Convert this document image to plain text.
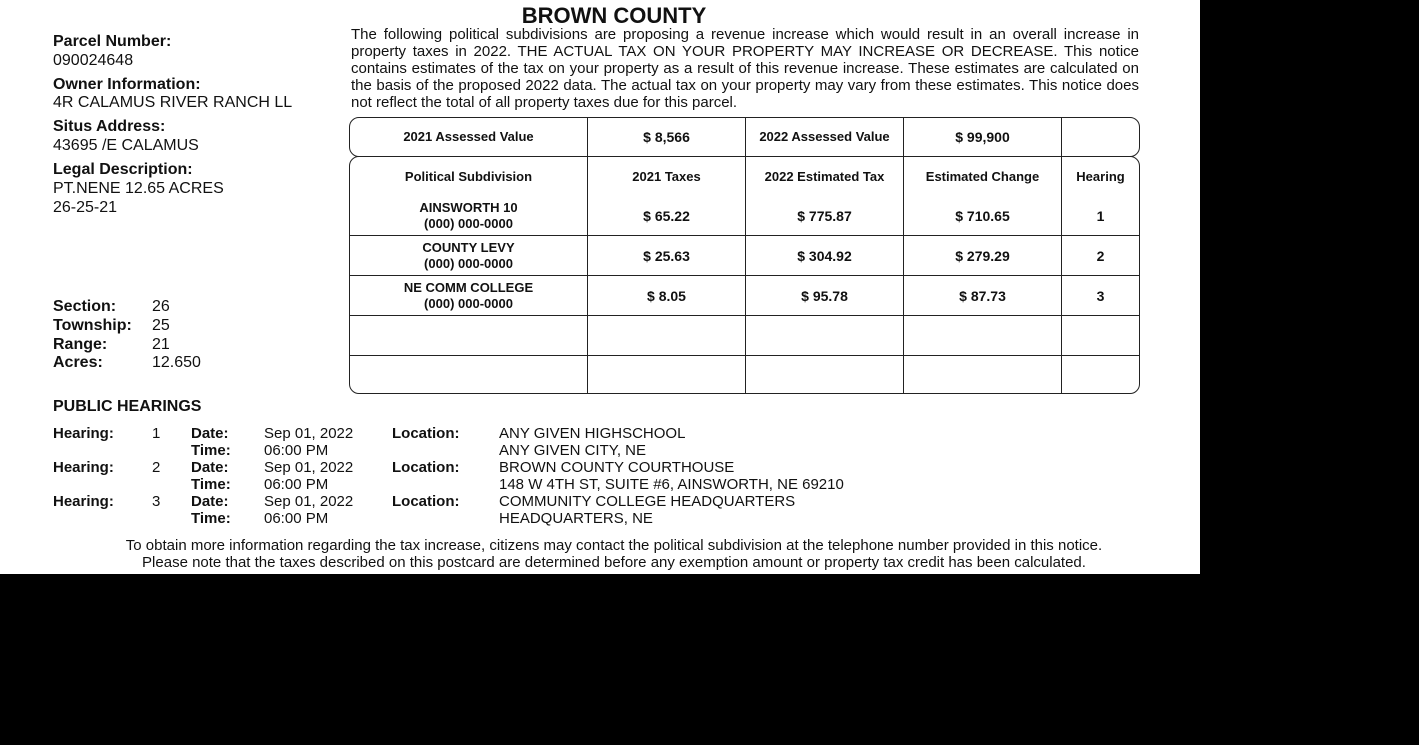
BROWN COUNTY
The following political subdivisions are proposing a revenue increase which would result in an overall increase in property taxes in 2022. THE ACTUAL TAX ON YOUR PROPERTY MAY INCREASE OR DECREASE. This notice contains estimates of the tax on your property as a result of this revenue increase. These estimates are calculated on the basis of the proposed 2022 data. The actual tax on your property may vary from these estimates. This notice does not reflect the total of all property taxes due for this parcel.
Parcel Number:
090024648
Owner Information:
4R CALAMUS RIVER RANCH LL
Situs Address:
43695 /E CALAMUS
Legal Description:
PT.NENE 12.65 ACRES
26-25-21
Section: 26
Township: 25
Range:	21
Acres:	12.650
2021 Assessed Value	$ 8,566	2022 Assessed Value	$ 99,900
Political Subdivision	2021 Taxes	2022 Estimated Tax	Estimated Change	Hearing
AINSWORTH 10
(000) 000-0000	$ 65.22	$ 775.87	$ 710.65	1
COUNTY LEVY
(000) 000-0000	$ 25.63	$ 304.92	$ 279.29	2
NE COMM COLLEGE
(000) 000-0000	$ 8.05	$ 95.78	$ 87.73	3
PUBLIC HEARINGS
Hearing:	1 Date: Sep 01, 2022	Location:	ANY GIVEN HIGHSCHOOL
Time: 06:00 PM	ANY GIVEN CITY, NE
Hearing:	2 Date: Sep 01, 2022	Location:	BROWN COUNTY COURTHOUSE
Time: 06:00 PM	148 W 4TH ST, SUITE #6, AINSWORTH, NE 69210
Hearing:	3 Date: Sep 01, 2022	Location:	COMMUNITY COLLEGE HEADQUARTERS
Time: 06:00 PM	HEADQUARTERS, NE
To obtain more information regarding the tax increase, citizens may contact the political subdivision at the telephone number provided in this notice.
Please note that the taxes described on this postcard are determined before any exemption amount or property tax credit has been calculated.
